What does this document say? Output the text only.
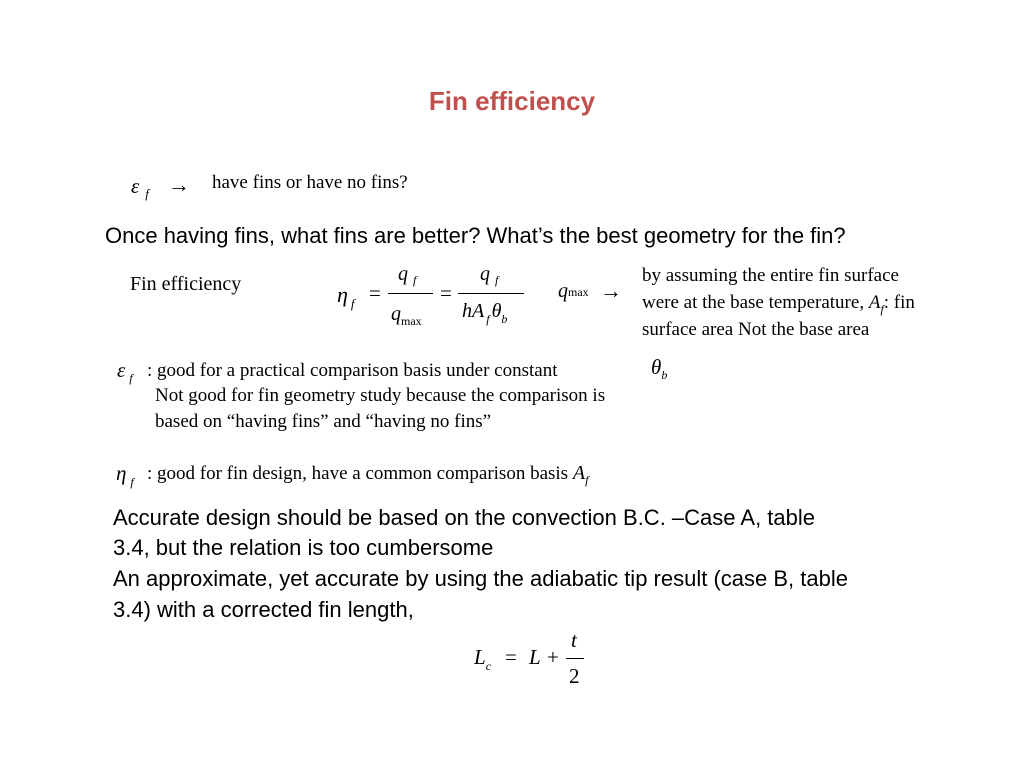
Fin efficiency
ε $_f$ → have fins or have no fins?
Once having fins, what fins are better? What’s the best geometry for the fin?
Fin efficiency	η $_f$ =
q $_f$
$q_{max}$
=
q $_f$
hA $_f$ $\theta_b$
qmax →
by assuming the entire fin surface
were at the base temperature, $A_f$: fin
surface area Not the base area
ε $_f$ : good for a practical comparison basis under constant	$\theta_b$
Not good for fin geometry study because the comparison is
based on “having fins” and “having no fins”
η $_f$ : good for fin design, have a common comparison basis $A_f$
Accurate design should be based on the convection B.C. –Case A, table
3.4, but the relation is too cumbersome
An approximate, yet accurate by using the adiabatic tip result (case B, table
3.4) with a corrected fin length,
$L_c = L$ +
t
2
